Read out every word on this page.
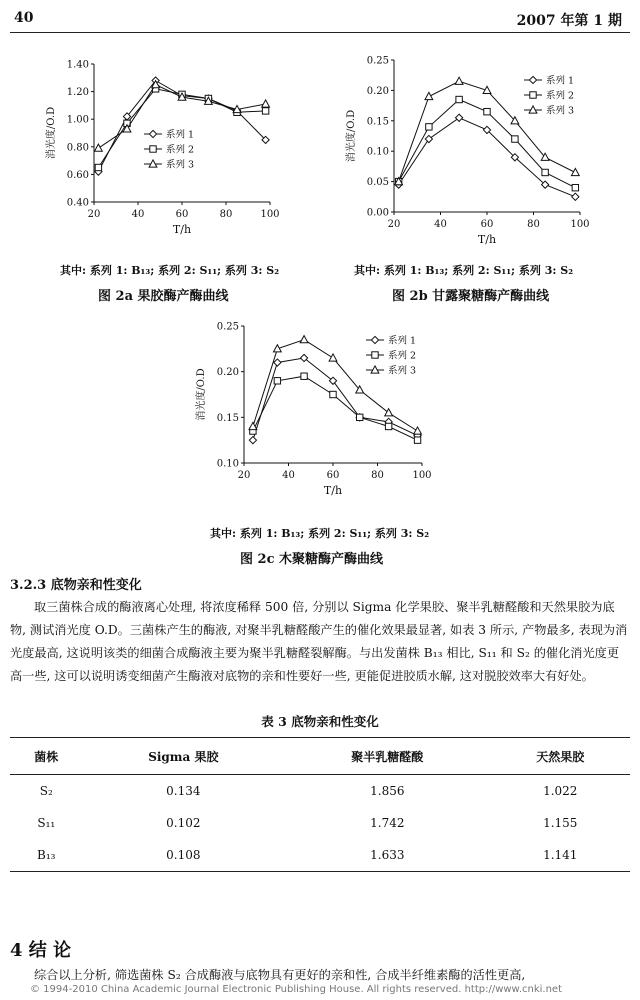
40	2007 年第 1 期
0.40
0.60
0.80
1.00
1.20
1.40
20	40	60	80	100
T/h
消光度/O.D	系列 1
系列 2
系列 3
其中: 系列 1: B₁₃; 系列 2: S₁₁; 系列 3: S₂
图 2a 果胶酶产酶曲线
0.00
0.05
0.10
0.15
0.20
0.25
20	40	60	80	100
T/h
消光度/O.D
系列 1
系列 2
系列 3
其中: 系列 1: B₁₃; 系列 2: S₁₁; 系列 3: S₂
图 2b 甘露聚糖酶产酶曲线
0.10
0.15
0.20
0.25
20	40	60	80	100
T/h
消光度/O.D
系列 1
系列 2
系列 3
其中: 系列 1: B₁₃; 系列 2: S₁₁; 系列 3: S₂
图 2c 木聚糖酶产酶曲线
3.2.3 底物亲和性变化

取三菌株合成的酶液离心处理, 将浓度稀释 500 倍, 分别以 Sigma 化学果胶、聚半乳糖醛酸和天然果胶为底物, 测试消光度 O.D。三菌株产生的酶液, 对聚半乳糖醛酸产生的催化效果最显著, 如表 3 所示, 产物最多, 表现为消光度最高, 这说明该类的细菌合成酶液主要为聚半乳糖醛裂解酶。与出发菌株 B₁₃ 相比, S₁₁ 和 S₂ 的催化消光度更高一些, 这可以说明诱变细菌产生酶液对底物的亲和性要好一些, 更能促进胶质水解, 这对脱胶效率大有好处。

表 3 底物亲和性变化
菌株	Sigma 果胶	聚半乳糖醛酸	天然果胶
S₂	0.134	1.856	1.022
S₁₁	0.102	1.742	1.155
B₁₃	0.108	1.633	1.141
4 结 论
综合以上分析, 筛选菌株 S₂ 合成酶液与底物具有更好的亲和性, 合成半纤维素酶的活性更高,
© 1994-2010 China Academic Journal Electronic Publishing House. All rights reserved. http://www.cnki.net
